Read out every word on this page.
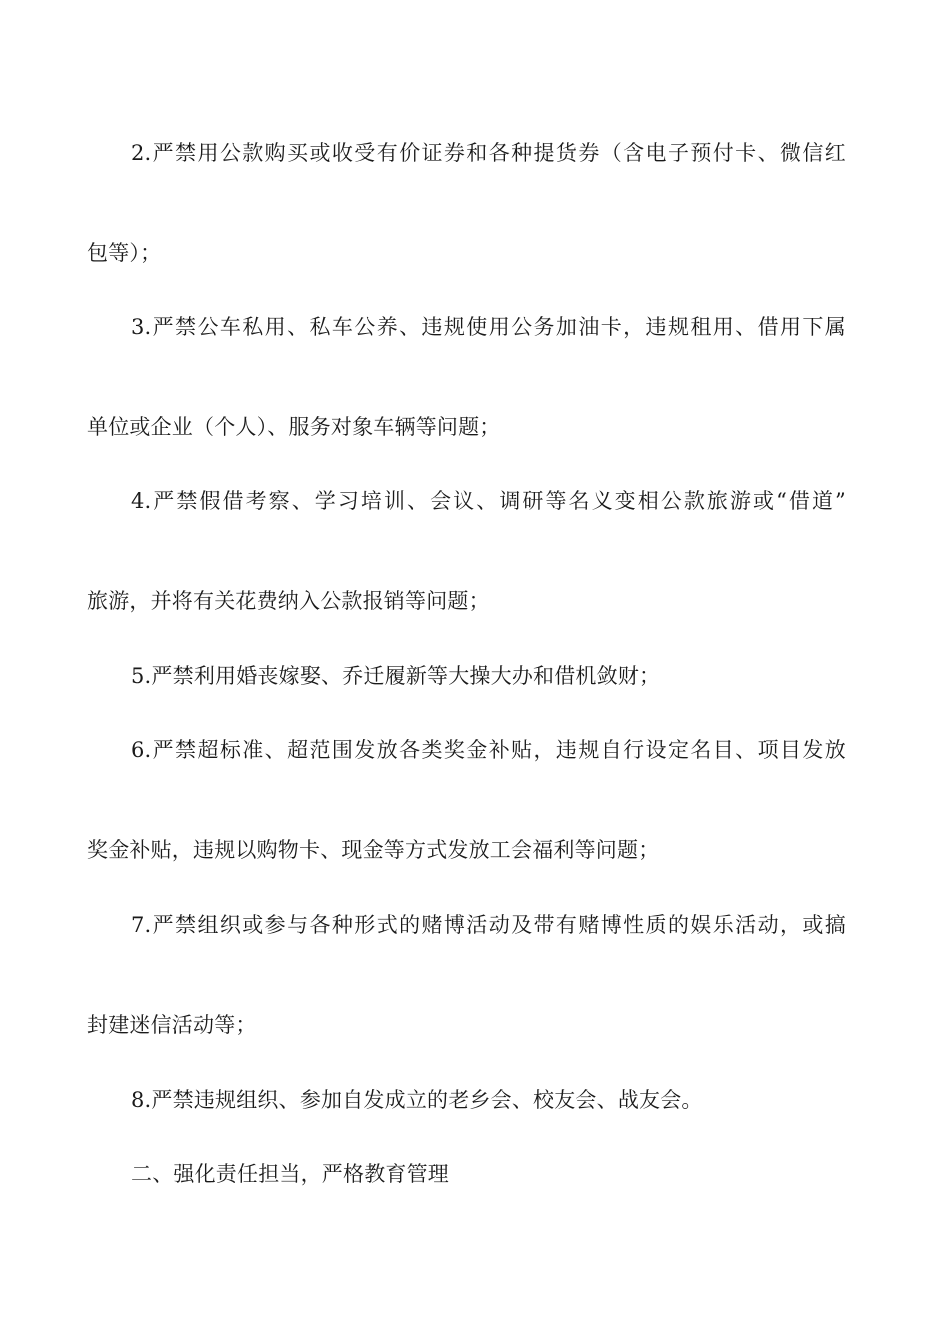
2.严禁用公款购买或收受有价证券和各种提货券（含电子预付卡、微信红
包等）；
3.严禁公车私用、私车公养、违规使用公务加油卡，违规租用、借用下属
单位或企业（个人）、服务对象车辆等问题；
4.严禁假借考察、学习培训、会议、调研等名义变相公款旅游或“借道”
旅游，并将有关花费纳入公款报销等问题；
5.严禁利用婚丧嫁娶、乔迁履新等大操大办和借机敛财；
6.严禁超标准、超范围发放各类奖金补贴，违规自行设定名目、项目发放
奖金补贴，违规以购物卡、现金等方式发放工会福利等问题；
7.严禁组织或参与各种形式的赌博活动及带有赌博性质的娱乐活动，或搞
封建迷信活动等；
8.严禁违规组织、参加自发成立的老乡会、校友会、战友会。
二、强化责任担当，严格教育管理
